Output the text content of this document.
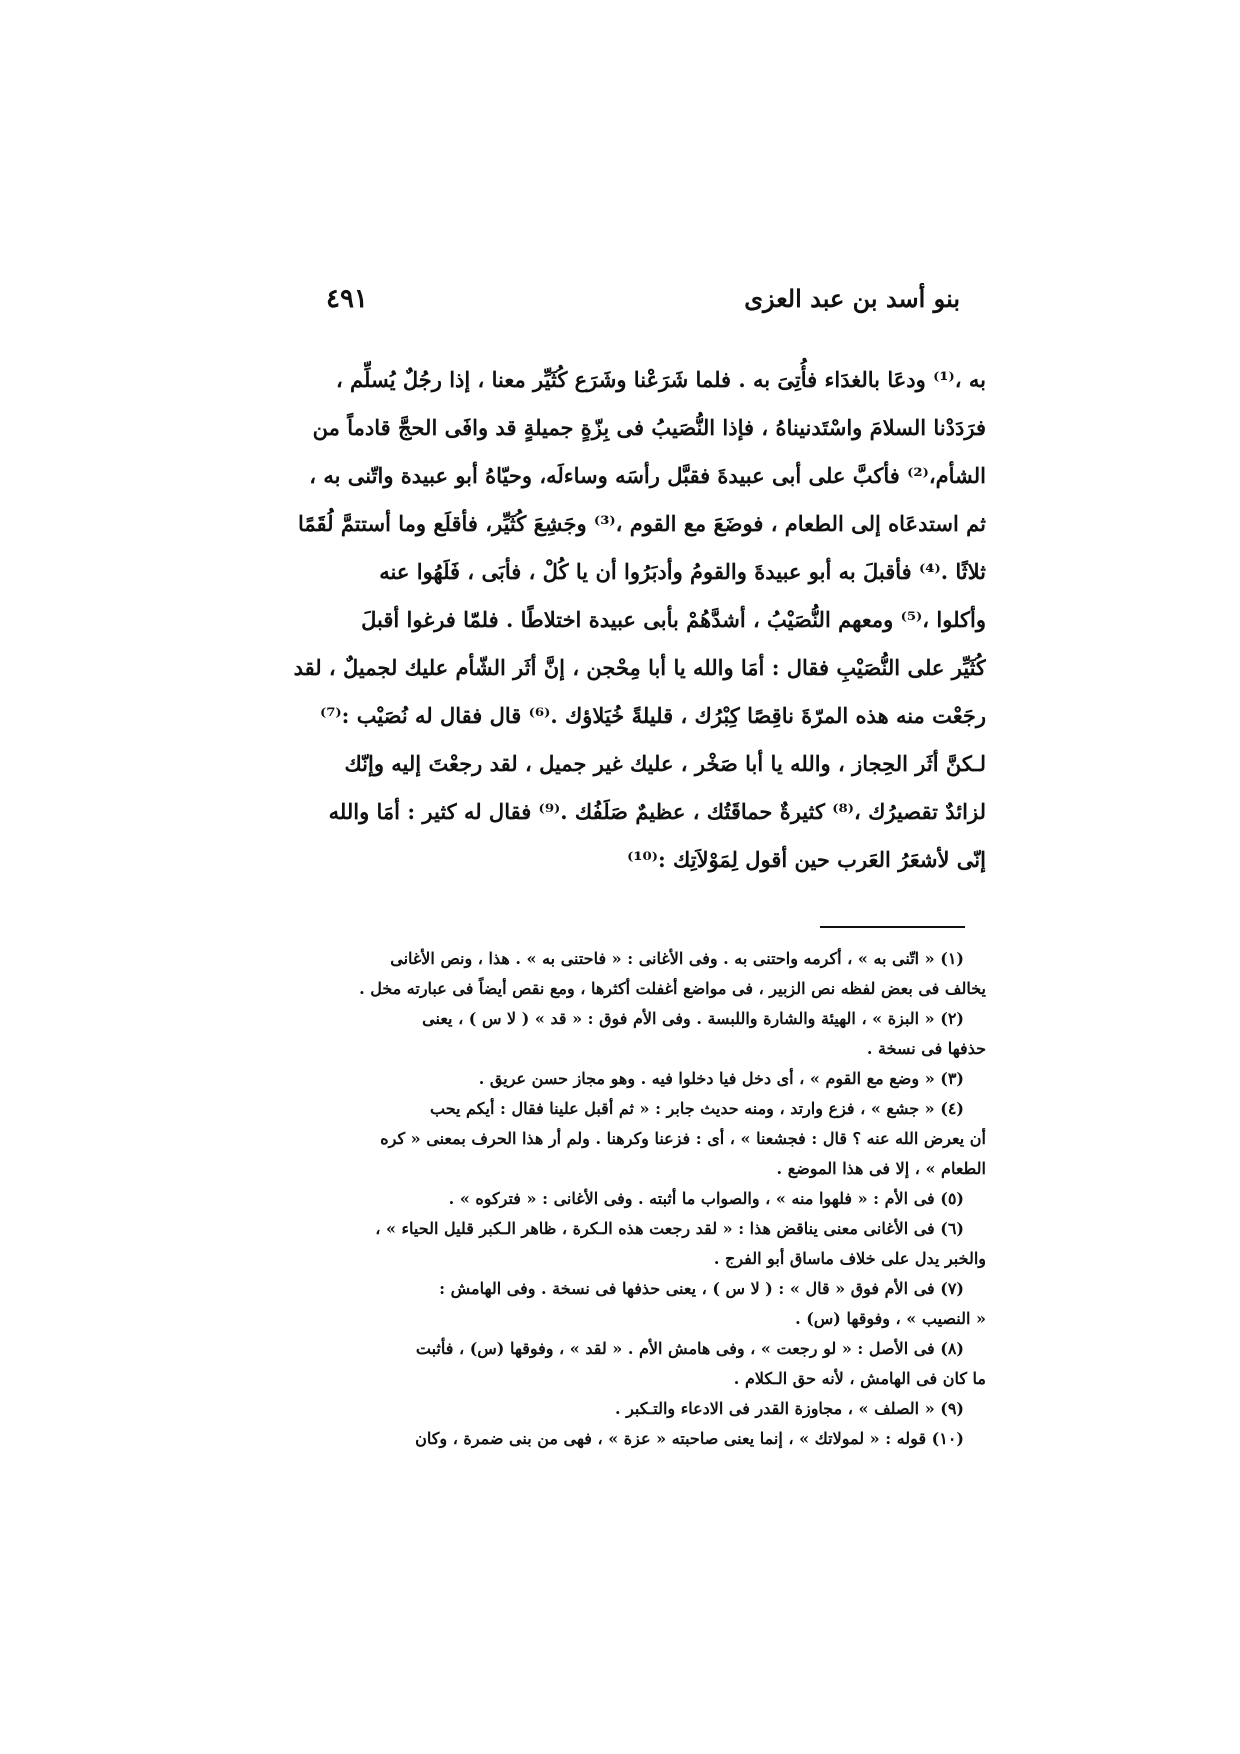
بنو أسد بن عبد العزى
٤٩١
به ،⁽¹⁾ ودعَا بالغدَاء فأُتِىَ به . فلما شَرَعْنا وشَرَع كُثَيِّر معنا ، إذا رجُلٌ يُسلِّم ،
فرَدَدْنا السلامَ واسْتَدنيناهُ ، فإذا النُّصَيبُ فى بِزّةٍ جميلةٍ قد وافَى الحجَّ قادماً من
الشأم،⁽²⁾ فأكبَّ على أبى عبيدةَ فقبَّل رأسَه وساءلَه، وحيّاهُ أبو عبيدة واتّنى به ،
ثم استدعَاه إلى الطعام ، فوضَعَ مع القوم ،⁽³⁾ وجَشِعَ كُثَيِّر، فأقلَع وما أستتمَّ لُقَمًا
ثلاثًا .⁽⁴⁾ فأقبلَ به أبو عبيدةَ والقومُ وأدبَرُوا أن يا كُلْ ، فأبَى ، فَلَهُوا عنه
وأكلوا ،⁽⁵⁾ ومعهم النُّصَيْبُ ، أشدَّهُمْ بأبى عبيدة اختلاطًا . فلمّا فرغوا أقبلَ
كُثَيِّر على النُّصَيْبِ فقال : أمَا والله يا أبا مِحْجن ، إنَّ أثَر الشّأم عليك لجميلٌ ، لقد
رجَعْت منه هذه المرّةَ ناقِصًا كِبْرُك ، قليلةً خُيَلاؤك .⁽⁶⁾ قال فقال له نُصَيْب :⁽⁷⁾
لـكنَّ أثَر الحِجاز ، والله يا أبا صَخْر ، عليك غير جميل ، لقد رجعْتَ إليه وإنّك
لزائدٌ تقصيرُك ،⁽⁸⁾ كثيرةٌ حماقَتُك ، عظيمٌ صَلَفُك .⁽⁹⁾ فقال له كثير : أمَا والله
إنّى لأشعَرُ العَرب حين أقول لِمَوْلاَتِك :⁽¹⁰⁾
(١) « اتّنى به » ، أكرمه واحتنى به . وفى الأغانى : « فاحتنى به » . هذا ، ونص الأغانى
يخالف فى بعض لفظه نص الزبير ، فى مواضع أغفلت أكثرها ، ومع نقص أيضاً فى عبارته مخل .
(٢) « البزة » ، الهيئة والشارة واللبسة . وفى الأم فوق : « قد » ( لا س ) ، يعنى
حذفها فى نسخة .
(٣) « وضع مع القوم » ، أى دخل فيا دخلوا فيه . وهو مجاز حسن عريق .
(٤) « جشع » ، فزع وارتد ، ومنه حديث جابر : « ثم أقبل علينا فقال : أيكم يحب
أن يعرض الله عنه ؟ قال : فجشعنا » ، أى : فزعنا وكرهنا . ولم أر هذا الحرف بمعنى « كره
الطعام » ، إلا فى هذا الموضع .
(٥) فى الأم : « فلهوا منه » ، والصواب ما أثبته . وفى الأغانى : « فتركوه » .
(٦) فى الأغانى معنى يناقض هذا : « لقد رجعت هذه الـكرة ، ظاهر الـكبر قليل الحياء » ،
والخبر يدل على خلاف ماساق أبو الفرج .
(٧) فى الأم فوق « قال » : ( لا س ) ، يعنى حذفها فى نسخة . وفى الهامش :
« النصيب » ، وفوقها (س) .
(٨) فى الأصل : « لو رجعت » ، وفى هامش الأم . « لقد » ، وفوقها (س) ، فأثبت
ما كان فى الهامش ، لأنه حق الـكلام .
(٩) « الصلف » ، مجاوزة القدر فى الادعاء والتـكبر .
(١٠) قوله : « لمولاتك » ، إنما يعنى صاحبته « عزة » ، فهى من بنى ضمرة ، وكان
